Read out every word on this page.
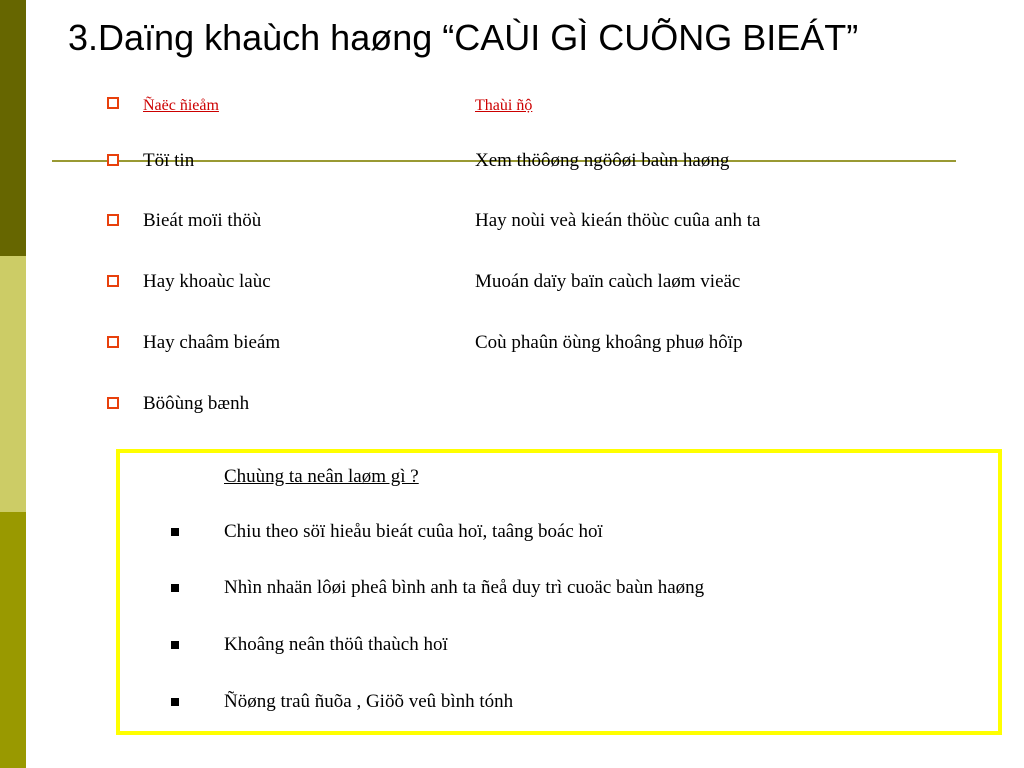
3.Daïng khaùch haøng “CAÙI GÌ CUÕNG BIEÁT”
Ñaëc ñieåm	Thaùi ñộ
Töï tin	Xem thöôøng ngöôøi baùn haøng
Bieát moïi thöù	Hay noùi veà kieán thöùc cuûa anh ta
Hay khoaùc laùc	Muoán daïy baïn caùch laøm vieäc
Hay chaâm bieám	Coù phaûn öùng khoâng phuø hôïp
Böôùng bænh
Chuùng ta neân laøm gì ?
Chiu theo söï hieåu bieát cuûa hoï, taâng boác hoï
Nhìn nhaän lôøi pheâ bình anh ta ñeå duy trì cuoäc baùn haøng
Khoâng neân thöû thaùch hoï
Ñöøng traû ñuõa , Giöõ veû bình tónh
